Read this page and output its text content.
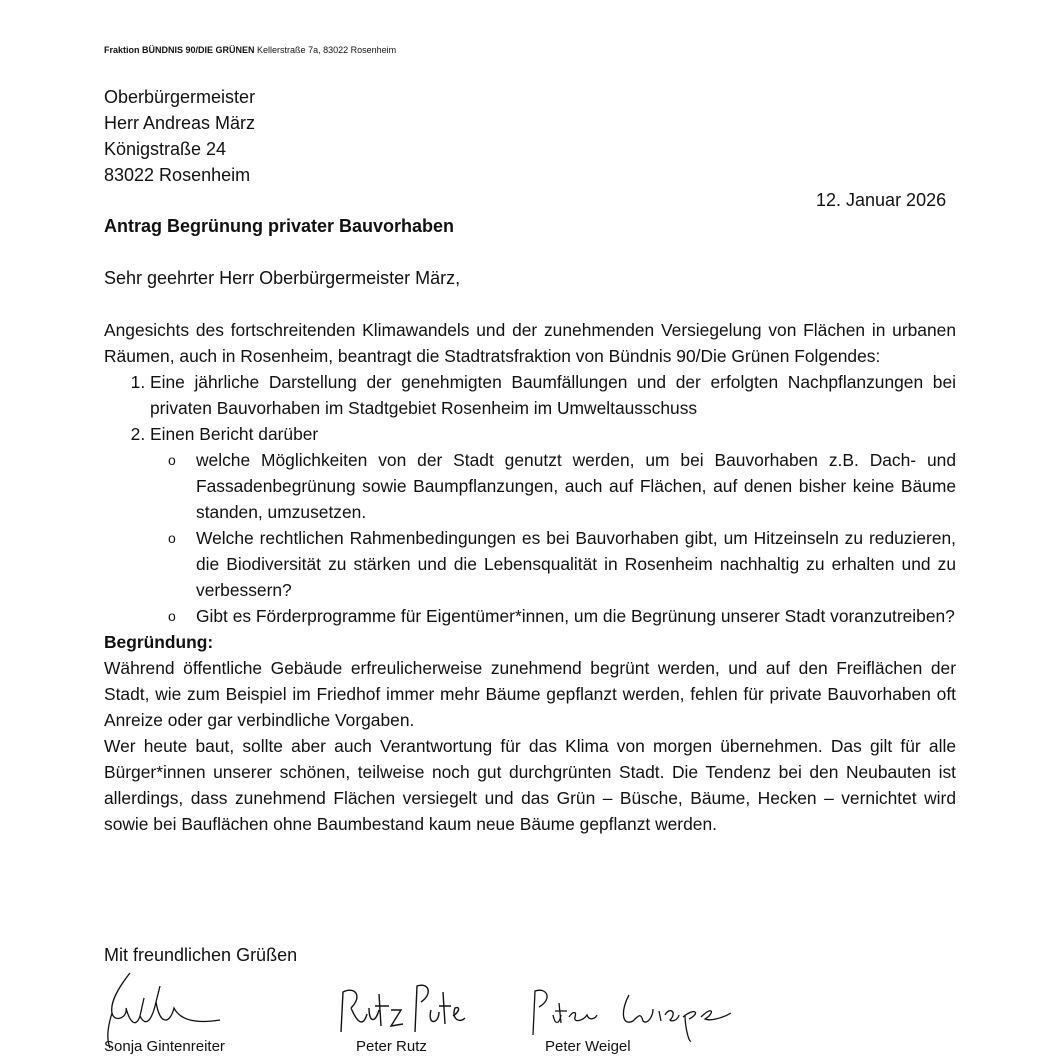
Fraktion BÜNDNIS 90/DIE GRÜNEN Kellerstraße 7a, 83022 Rosenheim
Oberbürgermeister
Herr Andreas März
Königstraße 24
83022 Rosenheim
12. Januar 2026
Antrag Begrünung privater Bauvorhaben
Sehr geehrter Herr Oberbürgermeister März,

Angesichts des fortschreitenden Klimawandels und der zunehmenden Versiegelung von Flächen in urbanen Räumen, auch in Rosenheim, beantragt die Stadtratsfraktion von Bündnis 90/Die Grünen Folgendes:

1. Eine jährliche Darstellung der genehmigten Baumfällungen und der erfolgten Nachpflanzungen bei privaten Bauvorhaben im Stadtgebiet Rosenheim im Umweltausschuss
2. Einen Bericht darüber
o welche Möglichkeiten von der Stadt genutzt werden, um bei Bauvorhaben z.B. Dach- und Fassadenbegrünung sowie Baumpflanzungen, auch auf Flächen, auf denen bisher keine Bäume standen, umzusetzen.
o Welche rechtlichen Rahmenbedingungen es bei Bauvorhaben gibt, um Hitzeinseln zu reduzieren, die Biodiversität zu stärken und die Lebensqualität in Rosenheim nachhaltig zu erhalten und zu verbessern?
o Gibt es Förderprogramme für Eigentümer*innen, um die Begrünung unserer Stadt voranzutreiben?
Begründung:

Während öffentliche Gebäude erfreulicherweise zunehmend begrünt werden, und auf den Freiflächen der Stadt, wie zum Beispiel im Friedhof immer mehr Bäume gepflanzt werden, fehlen für private Bauvorhaben oft Anreize oder gar verbindliche Vorgaben.

Wer heute baut, sollte aber auch Verantwortung für das Klima von morgen übernehmen. Das gilt für alle Bürger*innen unserer schönen, teilweise noch gut durchgrünten Stadt. Die Tendenz bei den Neubauten ist allerdings, dass zunehmend Flächen versiegelt und das Grün – Büsche, Bäume, Hecken – vernichtet wird sowie bei Bauflächen ohne Baumbestand kaum neue Bäume gepflanzt werden.

Mit freundlichen Grüßen
Sonja Gintenreiter	Peter Rutz	Peter Weigel
